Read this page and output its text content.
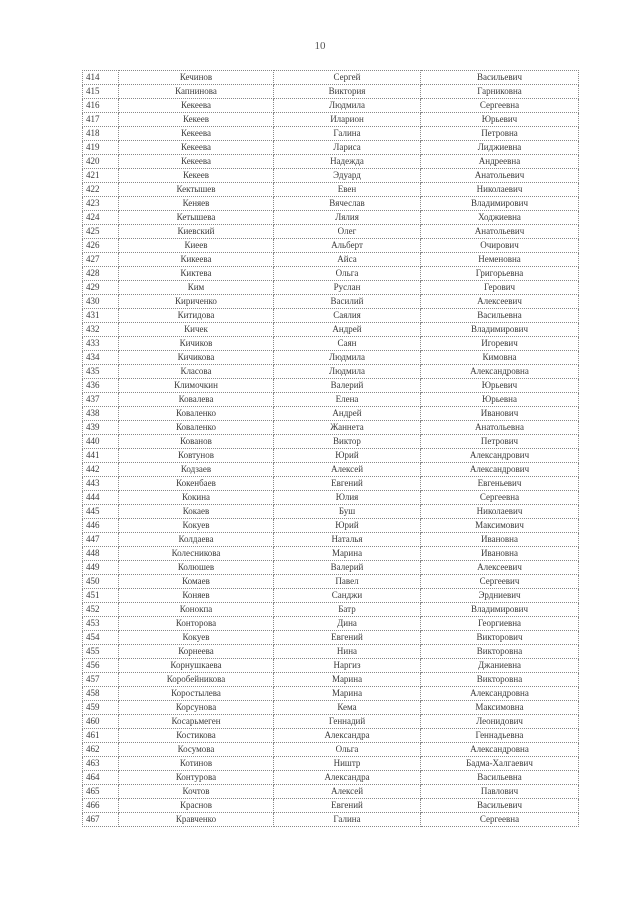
10
414	Кечинов	Сергей	Васильевич
415	Капнинова	Виктория	Гарниковна
416	Кекеева	Людмила	Сергеевна
417	Кекеев	Иларион	Юрьевич
418	Кекеева	Галина	Петровна
419	Кекеева	Лариса	Лиджиевна
420	Кекеева	Надежда	Андреевна
421	Кекеев	Эдуард	Анатольевич
422	Кектышев	Евен	Николаевич
423	Кеняев	Вячеслав	Владимирович
424	Кетышева	Лялия	Ходжиевна
425	Киевский	Олег	Анатольевич
426	Киеев	Альберт	Очирович
427	Кикеева	Айса	Неменовна
428	Киктева	Ольга	Григорьевна
429	Ким	Руслан	Герович
430	Кириченко	Василий	Алексеевич
431	Китидова	Саялия	Васильевна
432	Кичек	Андрей	Владимирович
433	Кичиков	Саян	Игоревич
434	Кичикова	Людмила	Кимовна
435	Класова	Людмила	Александровна
436	Климочкин	Валерий	Юрьевич
437	Ковалева	Елена	Юрьевна
438	Коваленко	Андрей	Иванович
439	Коваленко	Жаннета	Анатольевна
440	Кованов	Виктор	Петрович
441	Ковтунов	Юрий	Александрович
442	Кодзаев	Алексей	Александрович
443	Кокенбаев	Евгений	Евгеньевич
444	Кокина	Юлия	Сергеевна
445	Кокаев	Буш	Николаевич
446	Кокуев	Юрий	Максимович
447	Колдаева	Наталья	Ивановна
448	Колесникова	Марина	Ивановна
449	Колюшев	Валерий	Алексеевич
450	Комаев	Павел	Сергеевич
451	Коняев	Санджи	Эрдниевич
452	Конокпа	Батр	Владимирович
453	Конторова	Дина	Георгиевна
454	Кокуев	Евгений	Викторович
455	Корнеева	Нина	Викторовна
456	Корнушкаева	Наргиз	Джаниевна
457	Коробейникова	Марина	Викторовна
458	Коростылева	Марина	Александровна
459	Корсунова	Кема	Максимовна
460	Косарьмеген	Геннадий	Леонидович
461	Костикова	Александра	Геннадьевна
462	Косумова	Ольга	Александровна
463	Котинов	Ништр	Бадма-Халгаевич
464	Контурова	Александра	Васильевна
465	Кочтов	Алексей	Павлович
466	Краснов	Евгений	Васильевич
467	Кравченко	Галина	Сергеевна
